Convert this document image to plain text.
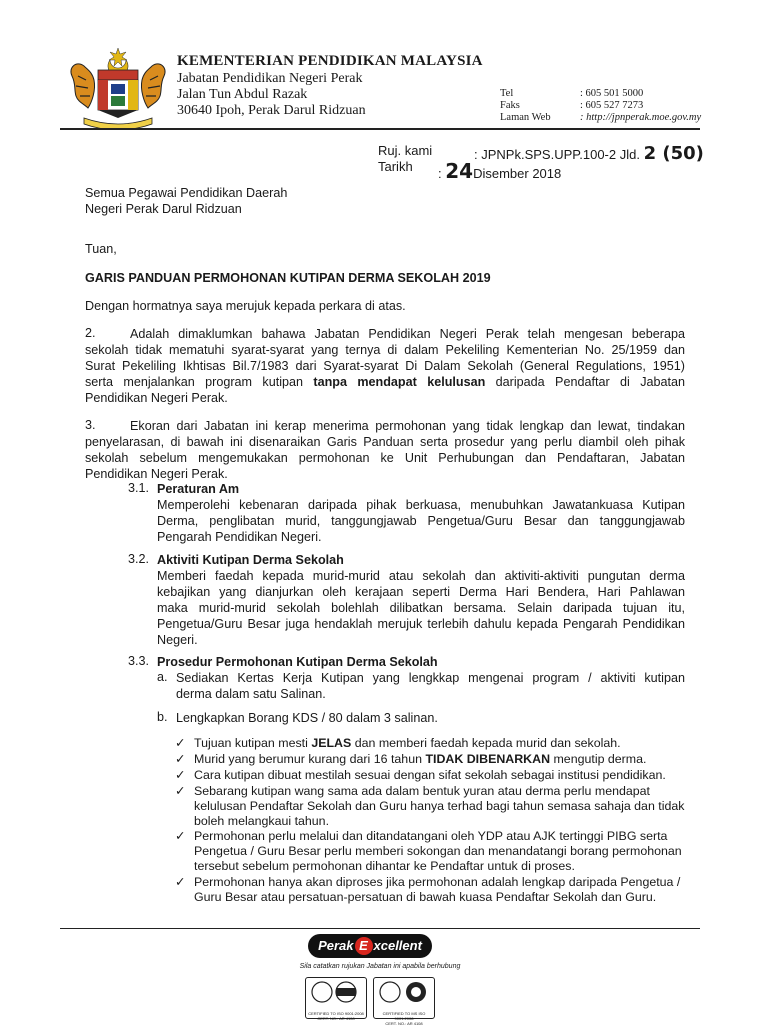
KEMENTERIAN PENDIDIKAN MALAYSIA
Jabatan Pendidikan Negeri Perak
Jalan Tun Abdul Razak
30640 Ipoh, Perak Darul Ridzuan
Tel	: 605 501 5000
Faks	: 605 527 7273
Laman Web	: http://jpnperak.moe.gov.my
Ruj. kami	: JPNPk.SPS.UPP.100-2 Jld. 2 (50)
Tarikh : 24Disember 2018
Semua Pegawai Pendidikan Daerah
Negeri Perak Darul Ridzuan
Tuan,
GARIS PANDUAN PERMOHONAN KUTIPAN DERMA SEKOLAH 2019
Dengan hormatnya saya merujuk kepada perkara di atas.
2.	Adalah dimaklumkan bahawa Jabatan Pendidikan Negeri Perak telah mengesan beberapa
sekolah tidak mematuhi syarat-syarat yang ternya di dalam Pekeliling Kementerian No. 25/1959 dan
Surat Pekeliling Ikhtisas Bil.7/1983 dari Syarat-syarat Di Dalam Sekolah (General Regulations, 1951)
serta menjalankan program kutipan tanpa mendapat kelulusan daripada Pendaftar di Jabatan
Pendidikan Negeri Perak.
3.	Ekoran dari Jabatan ini kerap menerima permohonan yang tidak lengkap dan lewat, tindakan
penyelarasan, di bawah ini disenaraikan Garis Panduan serta prosedur yang perlu diambil oleh pihak
sekolah sebelum mengemukakan permohonan ke Unit Perhubungan dan Pendaftaran, Jabatan
Pendidikan Negeri Perak.
3.1. Peraturan Am
Memperolehi kebenaran daripada pihak berkuasa, menubuhkan Jawatankuasa Kutipan
Derma, penglibatan murid, tanggungjawab Pengetua/Guru Besar dan tanggungjawab
Pengarah Pendidikan Negeri.
3.2. Aktiviti Kutipan Derma Sekolah
Memberi faedah kepada murid-murid atau sekolah dan aktiviti-aktiviti pungutan derma
kebajikan yang dianjurkan oleh kerajaan seperti Derma Hari Bendera, Hari Pahlawan
maka murid-murid sekolah bolehlah dilibatkan bersama. Selain daripada tujuan itu,
Pengetua/Guru Besar juga hendaklah merujuk terlebih dahulu kepada Pengarah Pendidikan
Negeri.
3.3. Prosedur Permohonan Kutipan Derma Sekolah
a. Sediakan Kertas Kerja Kutipan yang lengkkap mengenai program / aktiviti kutipan
derma dalam satu Salinan.
b. Lengkapkan Borang KDS / 80 dalam 3 salinan.
✓ Tujuan kutipan mesti JELAS dan memberi faedah kepada murid dan sekolah.
✓ Murid yang berumur kurang dari 16 tahun TIDAK DIBENARKAN mengutip derma.
✓ Cara kutipan dibuat mestilah sesuai dengan sifat sekolah sebagai institusi pendidikan.
✓ Sebarang kutipan wang sama ada dalam bentuk yuran atau derma perlu mendapat kelulusan Pendaftar Sekolah dan Guru hanya terhad bagi tahun semasa sahaja dan tidak boleh melangkaui tahun.
✓ Permohonan perlu melalui dan ditandatangani oleh YDP atau AJK tertinggi PIBG serta Pengetua / Guru Besar perlu memberi sokongan dan menandatangi borang permohonan tersebut sebelum permohonan dihantar ke Pendaftar untuk di proses.
✓ Permohonan hanya akan diproses jika permohonan adalah lengkap daripada Pengetua / Guru Besar atau persatuan-persatuan di bawah kuasa Pendaftar Sekolah dan Guru.
Perak E xcellent
Sila catatkan rujukan Jabatan ini apabila berhubung
CERTIFIED TO ISO 9001:2008
CERT. NO.: AR 4108
CERTIFIED TO MS ISO 9001:2008
CERT. NO.: AR 4108
